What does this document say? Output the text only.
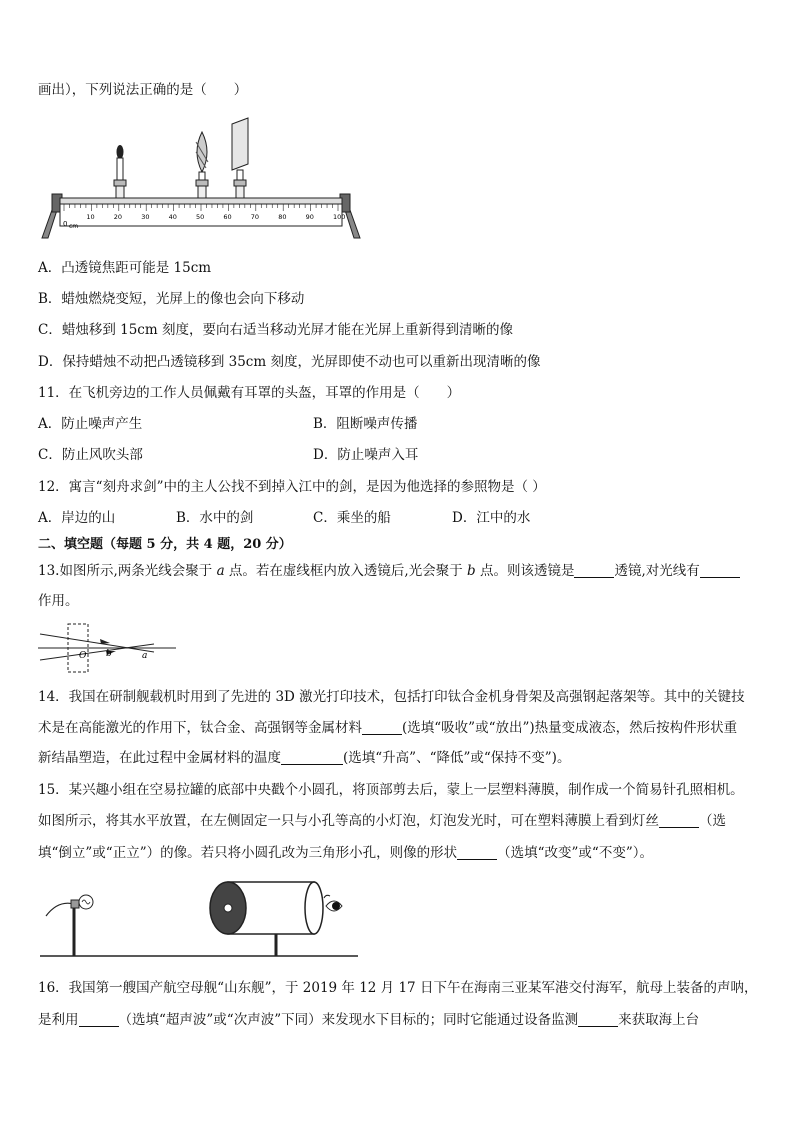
画出），下列说法正确的是（　　）
10	20	30	40	50	60	70	80	90	100
0 cm
A．凸透镜焦距可能是 15cm
B．蜡烛燃烧变短，光屏上的像也会向下移动
C．蜡烛移到 15cm 刻度，要向右适当移动光屏才能在光屏上重新得到清晰的像
D．保持蜡烛不动把凸透镜移到 35cm 刻度，光屏即使不动也可以重新出现清晰的像
11．在飞机旁边的工作人员佩戴有耳罩的头盔，耳罩的作用是（　　）
A．防止噪声产生	B．阻断噪声传播
C．防止风吹头部	D．防止噪声入耳
12．寓言“刻舟求剑”中的主人公找不到掉入江中的剑，是因为他选择的参照物是（ ）
A．岸边的山	B．水中的剑	C．乘坐的船	D．江中的水
二、填空题（每题 5 分，共 4 题，20 分）
13.如图所示,两条光线会聚于 a 点。若在虚线框内放入透镜后,光会聚于 b 点。则该透镜是	透镜,对光线有
作用。
O b	a
14．我国在研制舰载机时用到了先进的 3D 激光打印技术，包括打印钛合金机身骨架及高强钢起落架等。其中的关键技
术是在高能激光的作用下，钛合金、高强钢等金属材料	(选填“吸收”或“放出”)热量变成液态，然后按构件形状重
新结晶塑造，在此过程中金属材料的温度	(选填“升高”、“降低”或“保持不变”)。
15．某兴趣小组在空易拉罐的底部中央戳个小圆孔，将顶部剪去后，蒙上一层塑料薄膜，制作成一个简易针孔照相机。
如图所示，将其水平放置，在左侧固定一只与小孔等高的小灯泡，灯泡发光时，可在塑料薄膜上看到灯丝	（选
填“倒立”或“正立”）的像。若只将小圆孔改为三角形小孔，则像的形状	（选填“改变”或“不变”）。
16．我国第一艘国产航空母舰“山东舰”，于 2019 年 12 月 17 日下午在海南三亚某军港交付海军，航母上装备的声呐，
是利用	（选填“超声波”或“次声波”下同）来发现水下目标的；同时它能通过设备监测	来获取海上台
